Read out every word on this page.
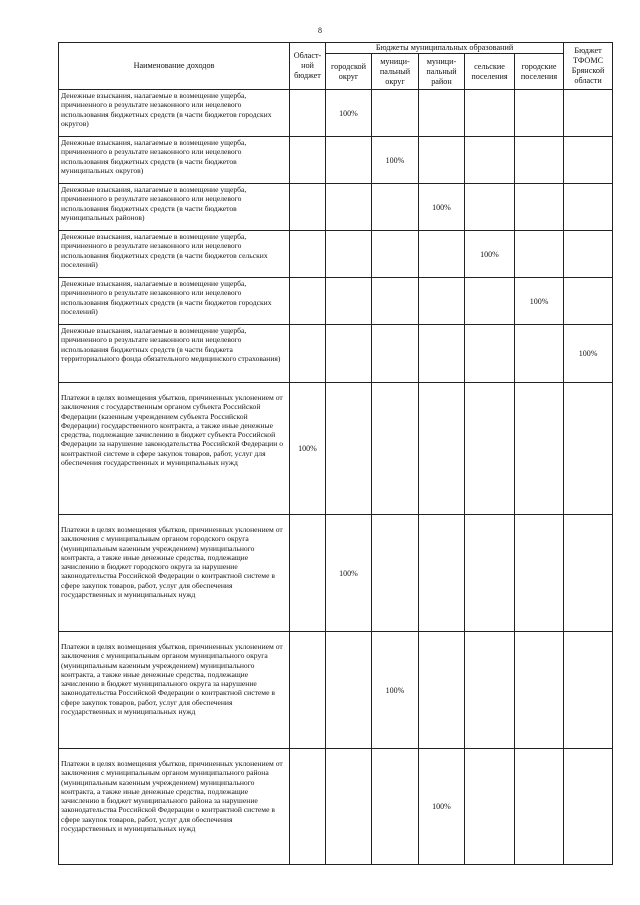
8
Наименование доходов	Област-ной бюджет	Бюджеты муниципальных образований					Бюджет ТФОМС Брянской области
		городской округ	муници-пальный округ	муници-пальный район	сельские поселения	городские поселения	
Денежные взыскания, налагаемые в возмещение ущерба, причиненного в результате незаконного или нецелевого использования бюджетных средств (в части бюджетов городских округов)		100%					
Денежные взыскания, налагаемые в возмещение ущерба, причиненного в результате незаконного или нецелевого использования бюджетных средств (в части бюджетов муниципальных округов)			100%				
Денежные взыскания, налагаемые в возмещение ущерба, причиненного в результате незаконного или нецелевого использования бюджетных средств (в части бюджетов муниципальных районов)				100%			
Денежные взыскания, налагаемые в возмещение ущерба, причиненного в результате незаконного или нецелевого использования бюджетных средств (в части бюджетов сельских поселений)					100%		
Денежные взыскания, налагаемые в возмещение ущерба, причиненного в результате незаконного или нецелевого использования бюджетных средств (в части бюджетов городских поселений)						100%	
Денежные взыскания, налагаемые в возмещение ущерба, причиненного в результате незаконного или нецелевого использования бюджетных средств (в части бюджета территориального фонда обязательного медицинского страхования)							100%
Платежи в целях возмещения убытков, причиненных уклонением от заключения с государственным органом субъекта Российской Федерации (казенным учреждением субъекта Российской Федерации) государственного контракта, а также иные денежные средства, подлежащие зачислению в бюджет субъекта Российской Федерации за нарушение законодательства Российской Федерации о контрактной системе в сфере закупок товаров, работ, услуг для обеспечения государственных и муниципальных нужд	100%						
Платежи в целях возмещения убытков, причиненных уклонением от заключения с муниципальным органом городского округа (муниципальным казенным учреждением) муниципального контракта, а также иные денежные средства, подлежащие зачислению в бюджет городского округа за нарушение законодательства Российской Федерации о контрактной системе в сфере закупок товаров, работ, услуг для обеспечения государственных и муниципальных нужд		100%					
Платежи в целях возмещения убытков, причиненных уклонением от заключения с муниципальным органом муниципального округа (муниципальным казенным учреждением) муниципального контракта, а также иные денежные средства, подлежащие зачислению в бюджет муниципального округа за нарушение законодательства Российской Федерации о контрактной системе в сфере закупок товаров, работ, услуг для обеспечения государственных и муниципальных нужд			100%				
Платежи в целях возмещения убытков, причиненных уклонением от заключения с муниципальным органом муниципального района (муниципальным казенным учреждением) муниципального контракта, а также иные денежные средства, подлежащие зачислению в бюджет муниципального района за нарушение законодательства Российской Федерации о контрактной системе в сфере закупок товаров, работ, услуг для обеспечения государственных и муниципальных нужд				100%			
